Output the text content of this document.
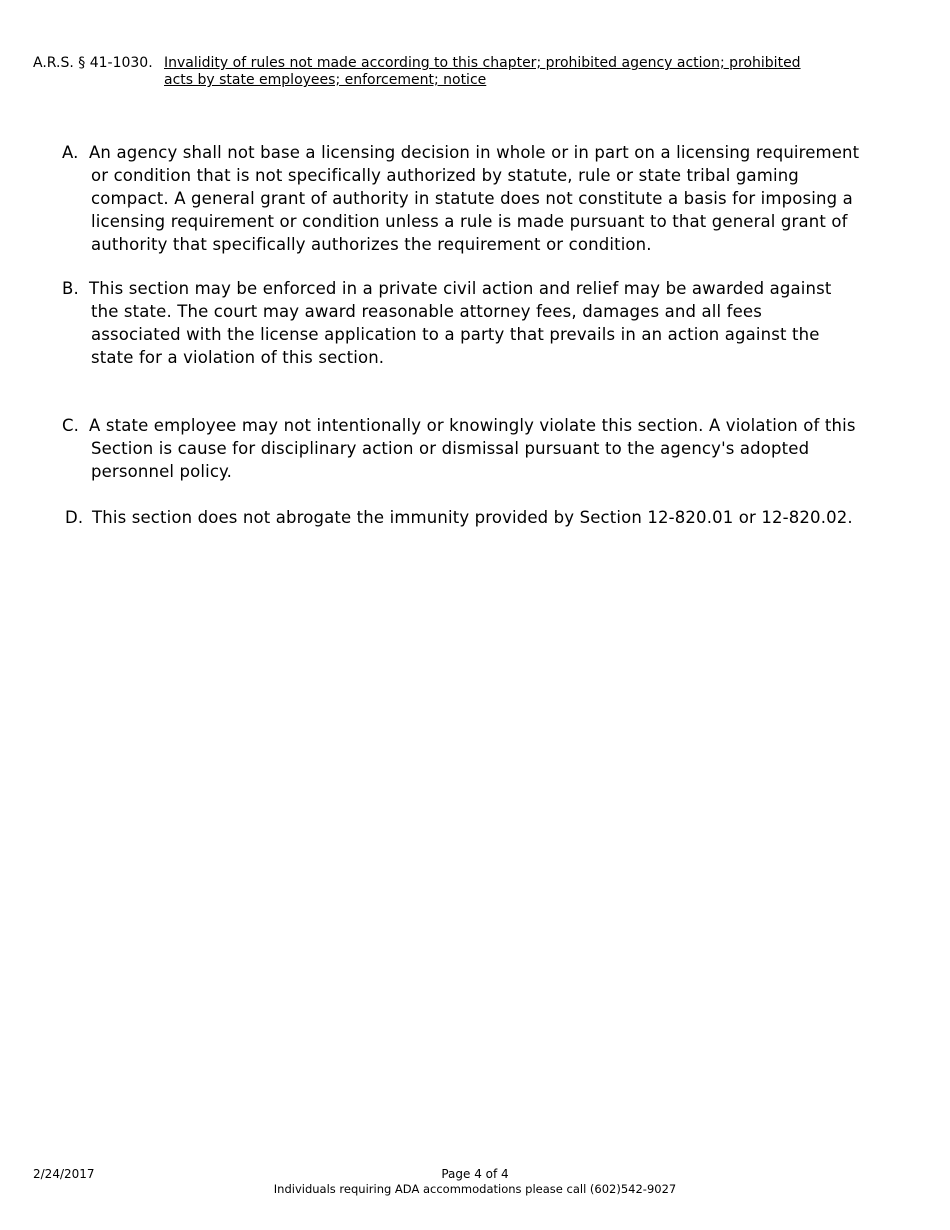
A.R.S. § 41-1030. Invalidity of rules not made according to this chapter; prohibited agency action; prohibited
acts by state employees; enforcement; notice
A. An agency shall not base a licensing decision in whole or in part on a licensing requirement
or condition that is not specifically authorized by statute, rule or state tribal gaming
compact. A general grant of authority in statute does not constitute a basis for imposing a
licensing requirement or condition unless a rule is made pursuant to that general grant of
authority that specifically authorizes the requirement or condition.
B. This section may be enforced in a private civil action and relief may be awarded against
the state. The court may award reasonable attorney fees, damages and all fees
associated with the license application to a party that prevails in an action against the
state for a violation of this section.
C. A state employee may not intentionally or knowingly violate this section. A violation of this
Section is cause for disciplinary action or dismissal pursuant to the agency's adopted
personnel policy.
D. This section does not abrogate the immunity provided by Section 12-820.01 or 12-820.02.
2/24/2017	Page 4 of 4
Individuals requiring ADA accommodations please call (602)542-9027
